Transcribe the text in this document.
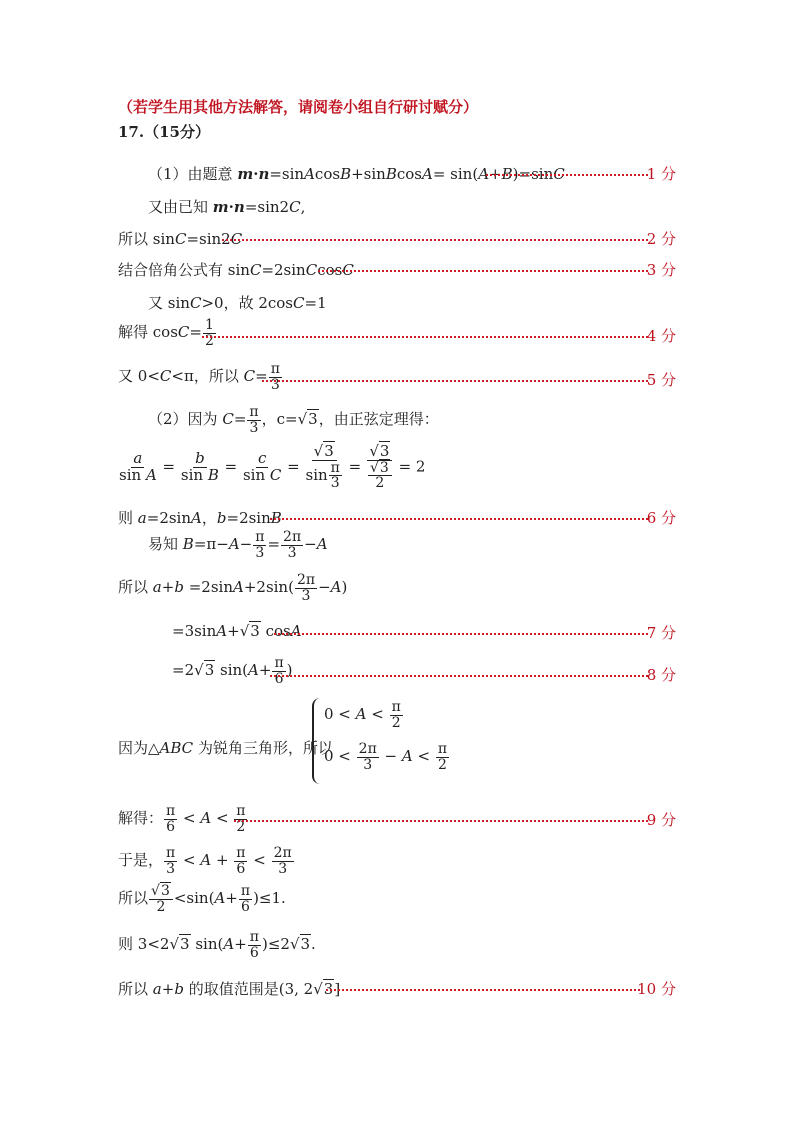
（若学生用其他方法解答，请阅卷小组自行研讨赋分）
17.（15分）
（1）由题意 m·n=sinAcosB+sinBcosA= sin(A+B)=sinC	1 分
又由已知 m·n=sin2C,
所以 sinC=sin2C	2 分
结合倍角公式有 sinC=2sinCcosC	3 分
又 sinC>0，故 2cosC=1
解得 $\cos C= \frac{1}{2}$	4 分
又 0<C<π，所以 $C= \frac{\pi}{3}$	5 分
（2）因为 $C= \frac{\pi}{3}$ ，c=√3，由正弦定理得：
$\frac{a}{\text{sin A}} = \frac{b}{\text{sin B}} = \frac{c}{\text{sin C}} = \frac{√3}{\sin \frac{\pi}{3}} = \frac{√3}{\frac{√3}{2}} = 2$
则 a=2sinA，b=2sinB	6 分
易知 $B=\pi-A- \frac{\pi}{3} = \frac{2\pi}{3} -A$
所以 $a+b =2\sin A+2\sin( \frac{2\pi}{3} -A)$
=3sinA+√3 cosA	7 分
=2√3 $\sin(A+ \frac{\pi}{6}$ )	8 分
因为△ABC 为锐角三角形，所以
$0 < A < \frac{\pi}{2}$
$0 < \frac{2\pi}{3} - A < \frac{\pi}{2}$
解得： $\frac{\pi}{6} < A < \frac{\pi}{2}$	9 分
于是， $\frac{\pi}{3} < A + \frac{\pi}{6} < \frac{2\pi}{3}$
所以 $\frac{√3}{2} <\sin(A+ \frac{\pi}{6} )\le 1$.
则 3<2√3 $\sin(A+ \frac{\pi}{6} )\le 2√3$.
所以 a+b 的取值范围是(3, 2√3]	10 分
